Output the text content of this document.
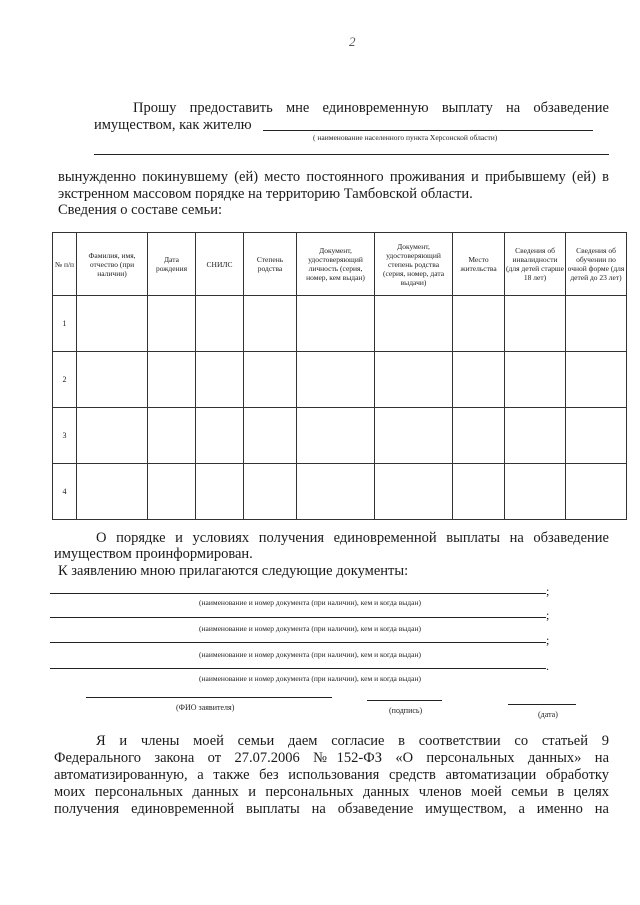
2
Прошу предоставить мне единовременную выплату на обзаведение
имуществом, как жителю
( наименование населенного пункта Херсонской области)
вынужденно покинувшему (ей) место постоянного проживания и прибывшему (ей) в
экстренном массовом порядке на территорию Тамбовской области.
Сведения о составе семьи:
№ п/п	Фамилия, имя, отчество (при наличии)	Дата рождения	СНИЛС	Степень родства	Документ, удостоверяющий личность (серия, номер, кем выдан)	Документ, удостоверяющий степень родства (серия, номер, дата выдачи)	Место жительства	Сведения об инвалидности (для детей старше 18 лет)	Сведения об обучении по очной форме (для детей до 23 лет)
1									
2									
3									
4									
О порядке и условиях получения единовременной выплаты на обзаведение
имуществом проинформирован.
К заявлению мною прилагаются следующие документы:
;
(наименование и номер документа (при наличии), кем и когда выдан)
;
(наименование и номер документа (при наличии), кем и когда выдан)
;
(наименование и номер документа (при наличии), кем и когда выдан)
.
(наименование и номер документа (при наличии), кем и когда выдан)
(ФИО заявителя)	(подпись)	(дата)
Я и члены моей семьи даем согласие в соответствии со статьей 9
Федерального закона от 27.07.2006 №152-ФЗ «О персональных данных» на
автоматизированную, а также без использования средств автоматизации обработку
моих персональных данных и персональных данных членов моей семьи в целях
получения единовременной выплаты на обзаведение имуществом, а именно на
